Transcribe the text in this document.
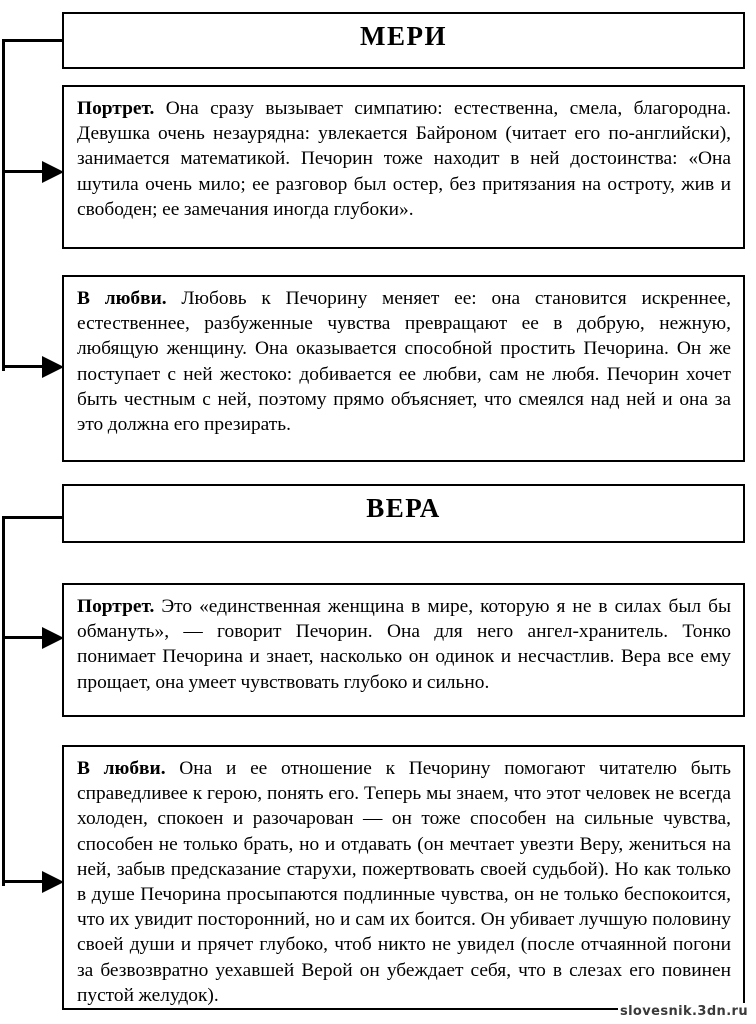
МЕРИ

Портрет. Она сразу вызывает симпатию: естественна, смела, благородна. Девушка очень незаурядна: увлекается Байроном (читает его по-английски), занимается математикой. Печорин тоже находит в ней достоинства: «Она шутила очень мило; ее разговор был остер, без притязания на остроту, жив и свободен; ее замечания иногда глубоки».

В любви. Любовь к Печорину меняет ее: она становится искреннее, естественнее, разбуженные чувства превращают ее в добрую, нежную, любящую женщину. Она оказывается способной простить Печорина. Он же поступает с ней жестоко: добивается ее любви, сам не любя. Печорин хочет быть честным с ней, поэтому прямо объясняет, что смеялся над ней и она за это должна его презирать.

ВЕРА

Портрет. Это «единственная женщина в мире, которую я не в силах был бы обмануть», — говорит Печорин. Она для него ангел-хранитель. Тонко понимает Печорина и знает, насколько он одинок и несчастлив. Вера все ему прощает, она умеет чувствовать глубоко и сильно.

В любви. Она и ее отношение к Печорину помогают читателю быть справедливее к герою, понять его. Теперь мы знаем, что этот человек не всегда холоден, спокоен и разочарован — он тоже способен на сильные чувства, способен не только брать, но и отдавать (он мечтает увезти Веру, жениться на ней, забыв предсказание старухи, пожертвовать своей судьбой). Но как только в душе Печорина просыпаются подлинные чувства, он не только беспокоится, что их увидит посторонний, но и сам их боится. Он убивает лучшую половину своей души и прячет глубоко, чтоб никто не увидел (после отчаянной погони за безвозвратно уехавшей Верой он убеждает себя, что в слезах его повинен пустой желудок).

slovesnik.3dn.ru
